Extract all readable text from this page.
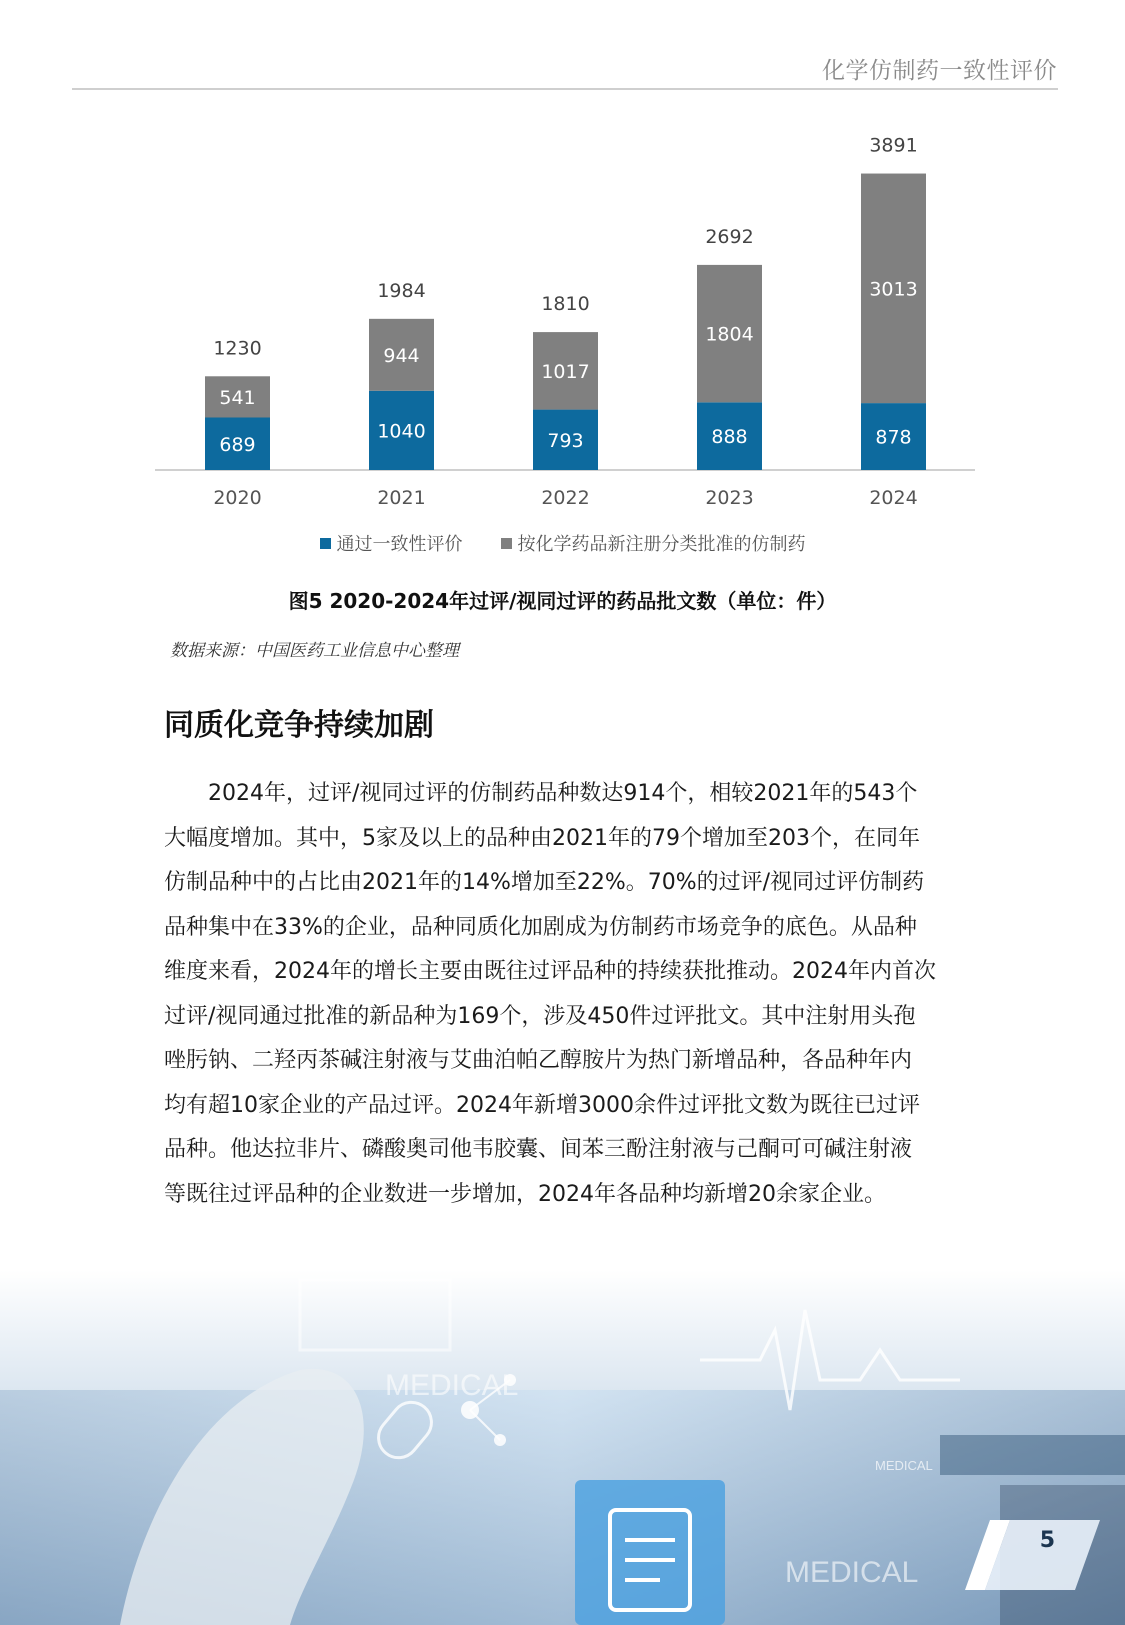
化学仿制药一致性评价
689
541
1230
2020
1040
944
1984
2021
793
1017
1810
2022
888
1804
2692
2023
878
3013
3891
2024
通过一致性评价	按化学药品新注册分类批准的仿制药
图5 2020-2024年过评/视同过评的药品批文数（单位：件）
数据来源：中国医药工业信息中心整理
同质化竞争持续加剧
　　2024年，过评/视同过评的仿制药品种数达914个，相较2021年的543个
大幅度增加。其中，5家及以上的品种由2021年的79个增加至203个，在同年
仿制品种中的占比由2021年的14%增加至22%。70%的过评/视同过评仿制药
品种集中在33%的企业，品种同质化加剧成为仿制药市场竞争的底色。从品种
维度来看，2024年的增长主要由既往过评品种的持续获批推动。2024年内首次
过评/视同通过批准的新品种为169个，涉及450件过评批文。其中注射用头孢
唑肟钠、二羟丙茶碱注射液与艾曲泊帕乙醇胺片为热门新增品种，各品种年内
均有超10家企业的产品过评。2024年新增3000余件过评批文数为既往已过评
品种。他达拉非片、磷酸奥司他韦胶囊、间苯三酚注射液与己酮可可碱注射液
等既往过评品种的企业数进一步增加，2024年各品种均新增20余家企业。
MEDICAL
MEDICAL
MEDICAL
5
